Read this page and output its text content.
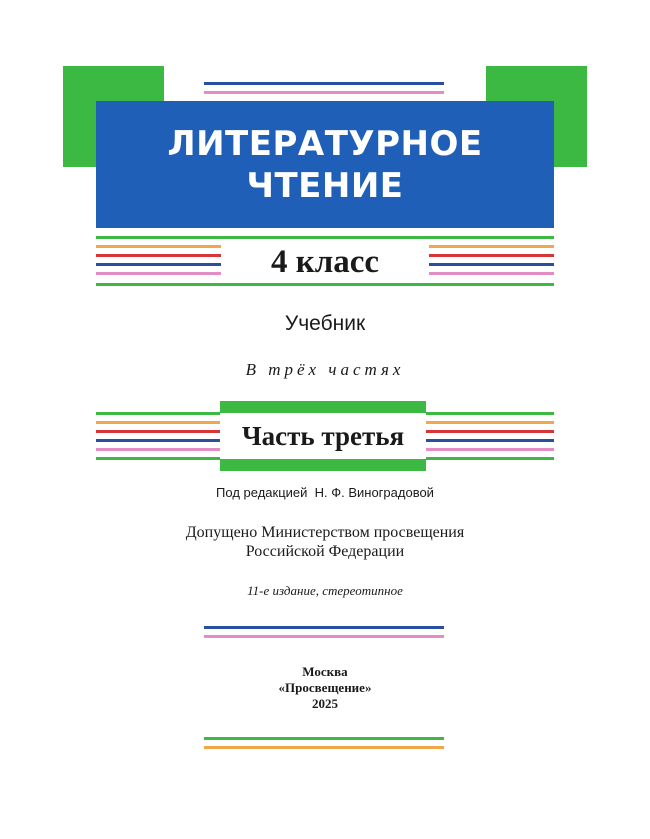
ЛИТЕРАТУРНОЕ
ЧТЕНИЕ
4 класс
Учебник
В трёх частях
Часть третья
Под редакцией  Н. Ф. Виноградовой
Допущено Министерством просвещения
Российской Федерации
11-е издание, стереотипное
Москва
«Просвещение»
2025
